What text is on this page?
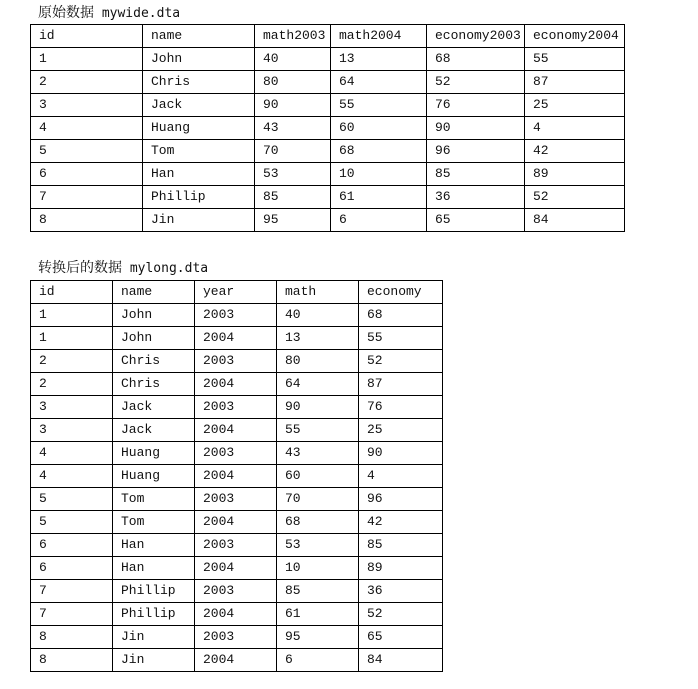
原始数据 mywide.dta
id	name	math2003	math2004	economy2003	economy2004
1	John	40	13	68	55
2	Chris	80	64	52	87
3	Jack	90	55	76	25
4	Huang	43	60	90	4
5	Tom	70	68	96	42
6	Han	53	10	85	89
7	Phillip	85	61	36	52
8	Jin	95	6	65	84
转换后的数据 mylong.dta
id	name	year	math	economy
1	John	2003	40	68
1	John	2004	13	55
2	Chris	2003	80	52
2	Chris	2004	64	87
3	Jack	2003	90	76
3	Jack	2004	55	25
4	Huang	2003	43	90
4	Huang	2004	60	4
5	Tom	2003	70	96
5	Tom	2004	68	42
6	Han	2003	53	85
6	Han	2004	10	89
7	Phillip	2003	85	36
7	Phillip	2004	61	52
8	Jin	2003	95	65
8	Jin	2004	6	84
